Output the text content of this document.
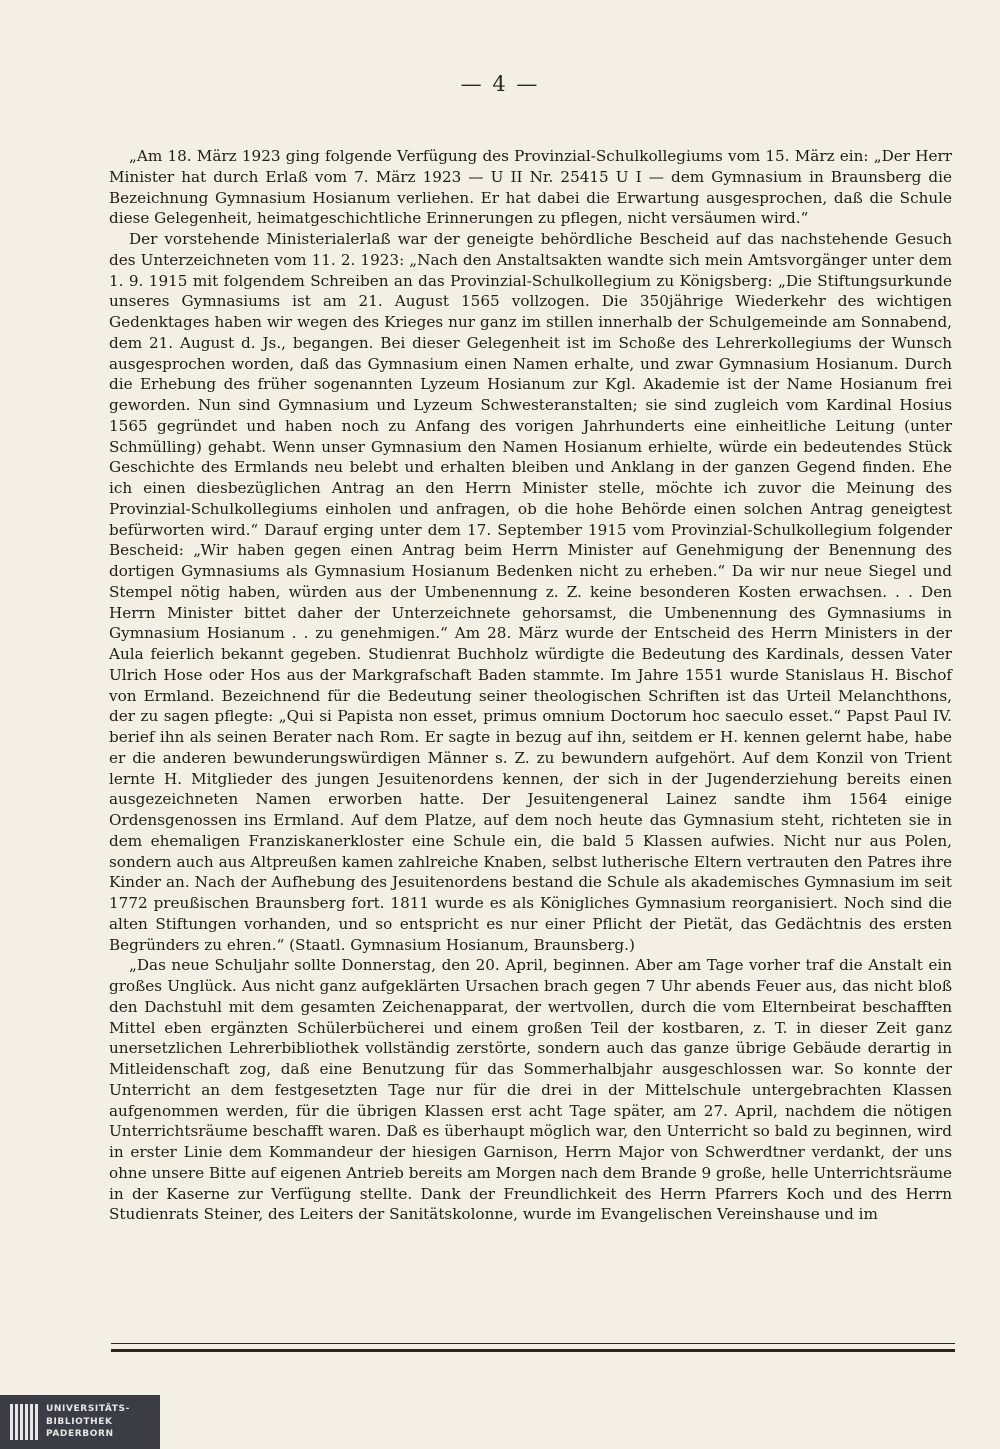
— 4 —

„Am 18. März 1923 ging folgende Verfügung des Provinzial-Schulkollegiums vom 15. März ein: „Der Herr Minister hat durch Erlaß vom 7. März 1923 — U II Nr. 25415 U I — dem Gymnasium in Braunsberg die Bezeichnung Gymnasium Hosianum verliehen. Er hat dabei die Erwartung ausgesprochen, daß die Schule diese Gelegenheit, heimatgeschichtliche Erinnerungen zu pflegen, nicht versäumen wird.“

Der vorstehende Ministerialerlaß war der geneigte behördliche Bescheid auf das nachstehende Gesuch des Unterzeichneten vom 11. 2. 1923: „Nach den Anstaltsakten wandte sich mein Amtsvorgänger unter dem 1. 9. 1915 mit folgendem Schreiben an das Provinzial-Schulkollegium zu Königsberg: „Die Stiftungsurkunde unseres Gymnasiums ist am 21. August 1565 vollzogen. Die 350jährige Wiederkehr des wichtigen Gedenktages haben wir wegen des Krieges nur ganz im stillen innerhalb der Schulgemeinde am Sonnabend, dem 21. August d. Js., begangen. Bei dieser Gelegenheit ist im Schoße des Lehrerkollegiums der Wunsch ausgesprochen worden, daß das Gymnasium einen Namen erhalte, und zwar Gymnasium Hosianum. Durch die Erhebung des früher sogenannten Lyzeum Hosianum zur Kgl. Akademie ist der Name Hosianum frei geworden. Nun sind Gymnasium und Lyzeum Schwesteranstalten; sie sind zugleich vom Kardinal Hosius 1565 gegründet und haben noch zu Anfang des vorigen Jahrhunderts eine einheitliche Leitung (unter Schmülling) gehabt. Wenn unser Gymnasium den Namen Hosianum erhielte, würde ein bedeutendes Stück Geschichte des Ermlands neu belebt und erhalten bleiben und Anklang in der ganzen Gegend finden. Ehe ich einen diesbezüglichen Antrag an den Herrn Minister stelle, möchte ich zuvor die Meinung des Provinzial-Schulkollegiums einholen und anfragen, ob die hohe Behörde einen solchen Antrag geneigtest befürworten wird.“ Darauf erging unter dem 17. September 1915 vom Provinzial-Schulkollegium folgender Bescheid: „Wir haben gegen einen Antrag beim Herrn Minister auf Genehmigung der Benennung des dortigen Gymnasiums als Gymnasium Hosianum Bedenken nicht zu erheben.“ Da wir nur neue Siegel und Stempel nötig haben, würden aus der Umbenennung z. Z. keine besonderen Kosten erwachsen. . . Den Herrn Minister bittet daher der Unterzeichnete gehorsamst, die Umbenennung des Gymnasiums in Gymnasium Hosianum . . zu genehmigen.“ Am 28. März wurde der Entscheid des Herrn Ministers in der Aula feierlich bekannt gegeben. Studienrat Buchholz würdigte die Bedeutung des Kardinals, dessen Vater Ulrich Hose oder Hos aus der Markgrafschaft Baden stammte. Im Jahre 1551 wurde Stanislaus H. Bischof von Ermland. Bezeichnend für die Bedeutung seiner theologischen Schriften ist das Urteil Melanchthons, der zu sagen pflegte: „Qui si Papista non esset, primus omnium Doctorum hoc saeculo esset.“ Papst Paul IV. berief ihn als seinen Berater nach Rom. Er sagte in bezug auf ihn, seitdem er H. kennen gelernt habe, habe er die anderen bewunderungswürdigen Männer s. Z. zu bewundern aufgehört. Auf dem Konzil von Trient lernte H. Mitglieder des jungen Jesuitenordens kennen, der sich in der Jugenderziehung bereits einen ausgezeichneten Namen erworben hatte. Der Jesuitengeneral Lainez sandte ihm 1564 einige Ordensgenossen ins Ermland. Auf dem Platze, auf dem noch heute das Gymnasium steht, richteten sie in dem ehemaligen Franziskanerkloster eine Schule ein, die bald 5 Klassen aufwies. Nicht nur aus Polen, sondern auch aus Altpreußen kamen zahlreiche Knaben, selbst lutherische Eltern vertrauten den Patres ihre Kinder an. Nach der Aufhebung des Jesuitenordens bestand die Schule als akademisches Gymnasium im seit 1772 preußischen Braunsberg fort. 1811 wurde es als Königliches Gymnasium reorganisiert. Noch sind die alten Stiftungen vorhanden, und so entspricht es nur einer Pflicht der Pietät, das Gedächtnis des ersten Begründers zu ehren.“ (Staatl. Gymnasium Hosianum, Braunsberg.)

„Das neue Schuljahr sollte Donnerstag, den 20. April, beginnen. Aber am Tage vorher traf die Anstalt ein großes Unglück. Aus nicht ganz aufgeklärten Ursachen brach gegen 7 Uhr abends Feuer aus, das nicht bloß den Dachstuhl mit dem gesamten Zeichenapparat, der wertvollen, durch die vom Elternbeirat beschafften Mittel eben ergänzten Schülerbücherei und einem großen Teil der kostbaren, z. T. in dieser Zeit ganz unersetzlichen Lehrerbibliothek vollständig zerstörte, sondern auch das ganze übrige Gebäude derartig in Mitleidenschaft zog, daß eine Benutzung für das Sommerhalbjahr ausgeschlossen war. So konnte der Unterricht an dem festgesetzten Tage nur für die drei in der Mittelschule untergebrachten Klassen aufgenommen werden, für die übrigen Klassen erst acht Tage später, am 27. April, nachdem die nötigen Unterrichtsräume beschafft waren. Daß es überhaupt möglich war, den Unterricht so bald zu beginnen, wird in erster Linie dem Kommandeur der hiesigen Garnison, Herrn Major von Schwerdtner verdankt, der uns ohne unsere Bitte auf eigenen Antrieb bereits am Morgen nach dem Brande 9 große, helle Unterrichtsräume in der Kaserne zur Verfügung stellte. Dank der Freundlichkeit des Herrn Pfarrers Koch und des Herrn Studienrats Steiner, des Leiters der Sanitätskolonne, wurde im Evangelischen Vereinshause und im

UNIVERSITÄTS-
BIBLIOTHEK
PADERBORN
